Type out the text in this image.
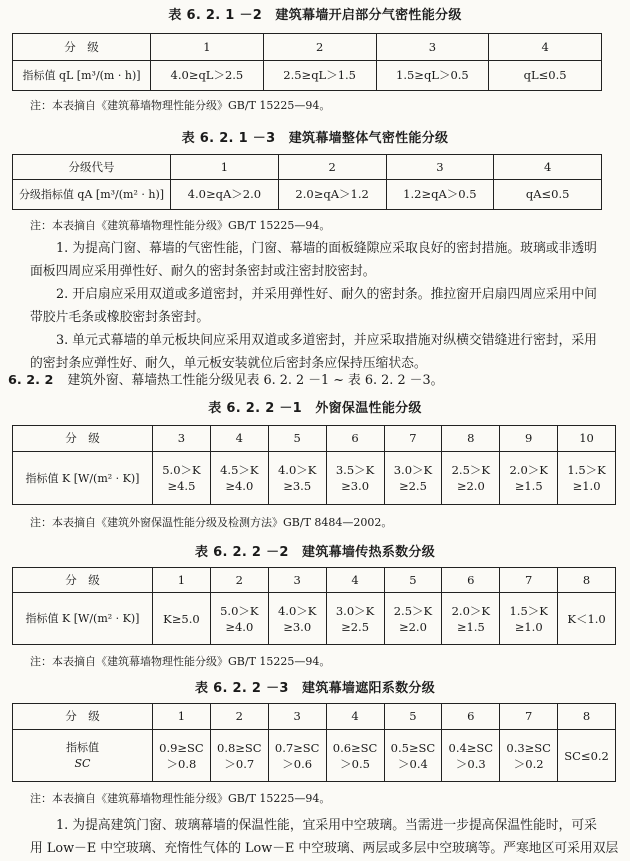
表 6. 2. 1 －2　建筑幕墙开启部分气密性能分级
分　级	1	2	3	4
指标值 qL [m³/(m · h)]	4.0≥qL＞2.5	2.5≥qL＞1.5	1.5≥qL＞0.5	qL≤0.5
注：本表摘自《建筑幕墙物理性能分级》GB/T 15225—94。
表 6. 2. 1 －3　建筑幕墙整体气密性能分级
分级代号	1	2	3	4
分级指标值 qA [m³/(m² · h)]	4.0≥qA＞2.0	2.0≥qA＞1.2	1.2≥qA＞0.5	qA≤0.5
注：本表摘自《建筑幕墙物理性能分级》GB/T 15225—94。
1. 为提高门窗、幕墙的气密性能，门窗、幕墙的面板缝隙应采取良好的密封措施。玻璃或非透明
面板四周应采用弹性好、耐久的密封条密封或注密封胶密封。
2. 开启扇应采用双道或多道密封，并采用弹性好、耐久的密封条。推拉窗开启扇四周应采用中间
带胶片毛条或橡胶密封条密封。
3. 单元式幕墙的单元板块间应采用双道或多道密封，并应采取措施对纵横交错缝进行密封，采用
的密封条应弹性好、耐久，单元板安装就位后密封条应保持压缩状态。
6. 2. 2 建筑外窗、幕墙热工性能分级见表 6. 2. 2 －1 ~ 表 6. 2. 2 －3。
表 6. 2. 2 －1　外窗保温性能分级
分　级	3	4	5	6	7	8	9	10
指标值 K [W/(m² · K)]	5.0＞K
≥4.5	4.5＞K
≥4.0	4.0＞K
≥3.5	3.5＞K
≥3.0	3.0＞K
≥2.5	2.5＞K
≥2.0	2.0＞K
≥1.5	1.5＞K
≥1.0
注：本表摘自《建筑外窗保温性能分级及检测方法》GB/T 8484—2002。
表 6. 2. 2 －2　建筑幕墙传热系数分级
分　级	1	2	3	4	5	6	7	8
指标值 K [W/(m² · K)]	K≥5.0	5.0＞K
≥4.0	4.0＞K
≥3.0	3.0＞K
≥2.5	2.5＞K
≥2.0	2.0＞K
≥1.5	1.5＞K
≥1.0	K＜1.0
注：本表摘自《建筑幕墙物理性能分级》GB/T 15225—94。
表 6. 2. 2 －3　建筑幕墙遮阳系数分级
分　级	1	2	3	4	5	6	7	8

指标值
SC	0.9≥SC
＞0.8	0.8≥SC
＞0.7	0.7≥SC
＞0.6	0.6≥SC
＞0.5	0.5≥SC
＞0.4	0.4≥SC
＞0.3	0.3≥SC
＞0.2	SC≤0.2
注：本表摘自《建筑幕墙物理性能分级》GB/T 15225—94。
1. 为提高建筑门窗、玻璃幕墙的保温性能，宜采用中空玻璃。当需进一步提高保温性能时，可采
用 Low－E 中空玻璃、充惰性气体的 Low－E 中空玻璃、两层或多层中空玻璃等。严寒地区可采用双层
